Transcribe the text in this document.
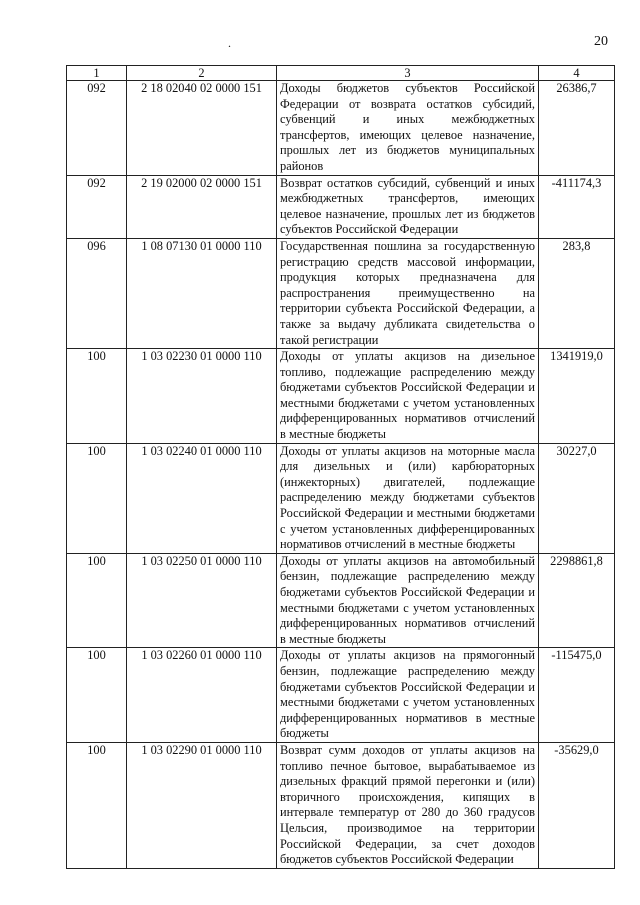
.	20
1	2	3	4
092	2 18 02040 02 0000 151	Доходы бюджетов субъектов Российской Федерации от возврата остатков субсидий, субвенций и иных межбюджетных трансфертов, имеющих целевое назначение, прошлых лет из бюджетов муниципальных районов	26386,7
092	2 19 02000 02 0000 151	Возврат остатков субсидий, субвенций и иных межбюджетных трансфертов, имеющих целевое назначение, прошлых лет из бюджетов субъектов Российской Федерации	-411174,3
096	1 08 07130 01 0000 110	Государственная пошлина за государственную регистрацию средств массовой информации, продукция которых предназначена для распространения преимущественно на территории субъекта Российской Федерации, а также за выдачу дубликата свидетельства о такой регистрации	283,8
100	1 03 02230 01 0000 110	Доходы от уплаты акцизов на дизельное топливо, подлежащие распределению между бюджетами субъектов Российской Федерации и местными бюджетами с учетом установленных дифференцированных нормативов отчислений в местные бюджеты	1341919,0
100	1 03 02240 01 0000 110	Доходы от уплаты акцизов на моторные масла для дизельных и (или) карбюраторных (инжекторных) двигателей, подлежащие распределению между бюджетами субъектов Российской Федерации и местными бюджетами с учетом установленных дифференцированных нормативов отчислений в местные бюджеты	30227,0
100	1 03 02250 01 0000 110	Доходы от уплаты акцизов на автомобильный бензин, подлежащие распределению между бюджетами субъектов Российской Федерации и местными бюджетами с учетом установленных дифференцированных нормативов отчислений в местные бюджеты	2298861,8
100	1 03 02260 01 0000 110	Доходы от уплаты акцизов на прямогонный бензин, подлежащие распределению между бюджетами субъектов Российской Федерации и местными бюджетами с учетом установленных дифференцированных нормативов в местные бюджеты	-115475,0
100	1 03 02290 01 0000 110	Возврат сумм доходов от уплаты акцизов на топливо печное бытовое, вырабатываемое из дизельных фракций прямой перегонки и (или) вторичного происхождения, кипящих в интервале температур от 280 до 360 градусов Цельсия, производимое на территории Российской Федерации, за счет доходов бюджетов субъектов Российской Федерации	-35629,0
